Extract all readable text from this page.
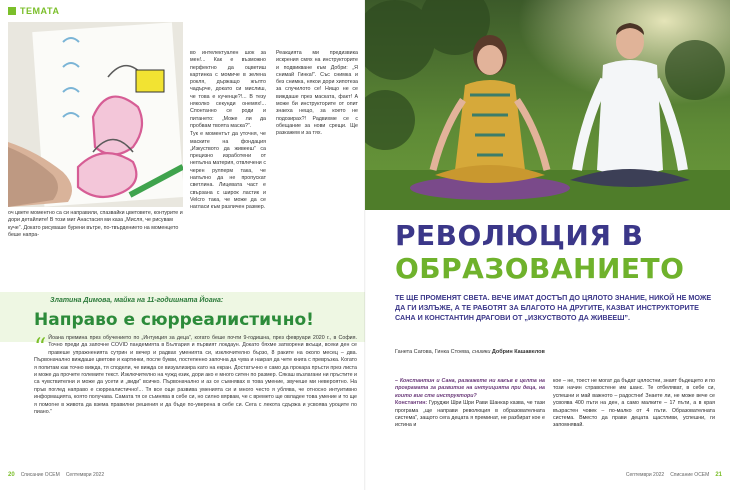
ТЕМАТА

во интелектуален шок за мен!... Как е възможно перфектно да оцветиш картинка с момиче в зелена рокля, държащо жълто чадърче, докато си мислиш, че това е кученце?!... В тезу няколко секунди онемях!... Спонтанно се роди и питането: „Може ли да пробвам твоята маска?”.

Тук е моментът да уточня, че маските на фондация „Изкуството да живееш” са прецизно изработени от непълна материя, отвлечени с черен рулперм така, че напълно да не пропускат светлина. Лицевата част е свързана с широк ластик и Velcro така, че може да се нагласи към различен размер.

Реакцията ми предизвика искрения смях на инструкторите и подвикване към Добри: „Я снимай Гинка!”. Със снимка и без снимка, някои дори хипотеза за случилото се! Нищо не се виждаше през маската, факт! А може би инструкторите от опит знаеха нещо, за което не подозирах?! Радвихме се с обещание за нови срещи. Ще разкажем и за тях.

оч цвете моментно са си направили, спазвайки цветовете, контурите и дори детайлите! В този миг Анастасия ми каза „Мисля, че рисувам куче”. Докато рисуваше бурени вътре, по-твърдението на моменцето беше напра-
Златина Димова, майка на 11-годишната Йоана:
Направо е сюрреалистично!
“ Йоана премина през обучението по „Интуиция за деца”, когато беше почти 9-годишна, през февруари 2020 г., в София. Точно преди да започне COVID пандемията в България и първият локдаун. Докато бяхме затворени вкъщи, всеки ден се правеше упражненията сутрин и вечер и радвах уменията си, изключително бързо, 8 раките на около месец – два. Първоначално виждаше цветове и картинки, после букви, постепенно започна да чува и накрая да чете книга с превръзка. Когато я попитам как точно вижда, тя сподели, че вижда се визуализира като на екран. Достатъчно е само да прокара пръсти през листа и може да прочете големите текст. Изключително на чужд език, дори ако е много ситен по размер. Сякаш възлагани ни пръстите и са чувствителни и може да усети и „види” всичко. Първоначално и аз се съмнявах в това умение, звучеше ми невероятно. На пръв поглед направо е сюрреалистично!... Тя все още развива уменията си и много често я ублява, че относно интуитивно информацията, която получава. Самата тя се съмнява в себе си, но силно вярвам, че с времето ще овладее това умение и то ще я помогне в живота да взема правилни решения и да бъде по-уверена в себе си. Сега с лекота сдържа и усвоява уроците по пиано.”
20 Списание ОСЕМ Септември 2022
РЕВОЛЮЦИЯ В
ОБРАЗОВАНИЕТО
ТЕ ЩЕ ПРОМЕНЯТ СВЕТА. ВЕЧЕ ИМАТ ДОСТЪП ДО ЦЯЛОТО ЗНАНИЕ, НИКОЙ НЕ МОЖЕ ДА ГИ ИЗЛЪЖЕ, А ТЕ РАБОТЯТ ЗА БЛАГОТО НА ДРУГИТЕ, КАЗВАТ ИНСТРУКТОРИТЕ САНА И КОНСТАНТИН ДРАГОВИ ОТ „ИЗКУСТВОТО ДА ЖИВЕЕШ”.
Ганета Сагова, Гинка Стоева, снимки Добрин Кашавелов

– Константин и Сана, разкажете ни какъв е целта на програмата за развитие на интуицията при деца, на които вие сте инструктори?

Константин: Гуруджи Шри Шри Рави Шанкар казва, че тази програма „ще направи революция в образователната система”, защото сега децата я преминат, не разбират кое е истина и

кое – не, тоест не могат да бъдат цялостни, знаят бъдещето и по този начин стравостене им шанс. Те отбеляват, в себе си, успешни и май важното – радостни! Знаете ли, не може вече се усвоява 400 пъти на ден, а само малките – 17 пъти, а в края възрастен човек – по-малко от 4 пъти. Образователната система. Вместо да прави децата щастливи, успешни, ги запомнявай.
Септември 2022 Списание ОСЕМ 21
